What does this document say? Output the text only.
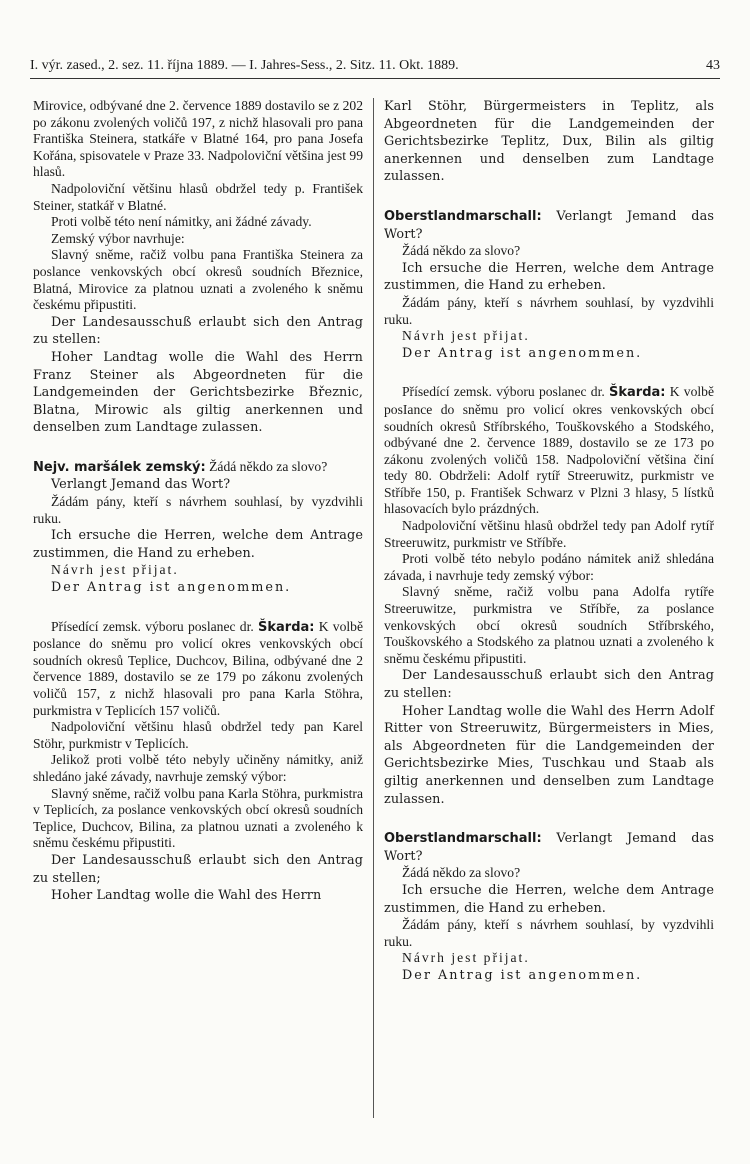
I. výr. zased., 2. sez. 11. října 1889. — I. Jahres-Sess., 2. Sitz. 11. Okt. 1889.	43

Mirovice, odbývané dne 2. července 1889 dostavilo se z 202 po zákonu zvolených voličů 197, z nichž hlasovali pro pana Františka Steinera, statkáře v Blatné 164, pro pana Josefa Kořána, spisovatele v Praze 33. Nadpoloviční většina jest 99 hlasů.

Nadpoloviční většinu hlasů obdržel tedy p. František Steiner, statkář v Blatné.

Proti volbě této není námitky, ani žádné závady.

Zemský výbor navrhuje:

Slavný sněme, račiž volbu pana Františka Steinera za poslance venkovských obcí okresů soudních Březnice, Blatná, Mirovice za platnou uznati a zvoleného k sněmu českému připustiti.

Der Landesausschuß erlaubt sich den Antrag zu stellen:

Hoher Landtag wolle die Wahl des Herrn Franz Steiner als Abgeordneten für die Landgemeinden der Gerichtsbezirke Březnic, Blatna, Mirowic als giltig anerkennen und denselben zum Landtage zulassen.

Nejv. maršálek zemský: Žádá někdo za slovo?

Verlangt Jemand das Wort?

Žádám pány, kteří s návrhem souhlasí, by vyzdvihli ruku.

Ich ersuche die Herren, welche dem Antrage zustimmen, die Hand zu erheben.

Návrh jest přijat.

Der Antrag ist angenommen.

Přísedící zemsk. výboru poslanec dr. Škarda: K volbě poslance do sněmu pro volicí okres venkovských obcí soudních okresů Teplice, Duchcov, Bilina, odbývané dne 2 července 1889, dostavilo se ze 179 po zákonu zvolených voličů 157, z nichž hlasovali pro pana Karla Stöhra, purkmistra v Teplicích 157 voličů.

Nadpoloviční většinu hlasů obdržel tedy pan Karel Stöhr, purkmistr v Teplicích.

Jelikož proti volbě této nebyly učiněny námitky, aniž shledáno jaké závady, navrhuje zemský výbor:

Slavný sněme, račiž volbu pana Karla Stöhra, purkmistra v Teplicích, za poslance venkovských obcí okresů soudních Teplice, Duchcov, Bilina, za platnou uznati a zvoleného k sněmu českému připustiti.

Der Landesausschuß erlaubt sich den Antrag zu stellen;

Hoher Landtag wolle die Wahl des Herrn

Karl Stöhr, Bürgermeisters in Teplitz, als Abgeordneten für die Landgemeinden der Gerichtsbezirke Teplitz, Dux, Bilin als giltig anerkennen und denselben zum Landtage zulassen.

Oberstlandmarschall: Verlangt Jemand das Wort?

Žádá někdo za slovo?

Ich ersuche die Herren, welche dem Antrage zustimmen, die Hand zu erheben.

Žádám pány, kteří s návrhem souhlasí, by vyzdvihli ruku.

Návrh jest přijat.

Der Antrag ist angenommen.

Přísedící zemsk. výboru poslanec dr. Škarda: K volbě posIance do sněmu pro volicí okres venkovských obcí soudních okresů Stříbrského, Touškovského a Stodského, odbývané dne 2. července 1889, dostavilo se ze 173 po zákonu zvolených voličů 158. Nadpoloviční většina činí tedy 80. Obdrželi: Adolf rytíř Streeruwitz, purkmistr ve Stříbře 150, p. František Schwarz v Plzni 3 hlasy, 5 lístků hlasovacích bylo prázdných.

Nadpoloviční většinu hlasů obdržel tedy pan Adolf rytíř Streeruwitz, purkmistr ve Stříbře.

Proti volbě této nebylo podáno námitek aniž shledána závada, i navrhuje tedy zemský výbor:

Slavný sněme, račiž volbu pana Adolfa rytíře Streeruwitze, purkmistra ve Stříbře, za poslance venkovských obcí okresů soudních Stříbrského, Touškovského a Stodského za platnou uznati a zvoleného k sněmu českému připustiti.

Der Landesausschuß erlaubt sich den Antrag zu stellen:

Hoher Landtag wolle die Wahl des Herrn Adolf Ritter von Streeruwitz, Bürgermeisters in Mies, als Abgeordneten für die Landgemeinden der Gerichtsbezirke Mies, Tuschkau und Staab als giltig anerkennen und denselben zum Landtage zulassen.

Oberstlandmarschall: Verlangt Jemand das Wort?

Žádá někdo za slovo?

Ich ersuche die Herren, welche dem Antrage zustimmen, die Hand zu erheben.

Žádám pány, kteří s návrhem souhlasí, by vyzdvihli ruku.

Návrh jest přijat.

Der Antrag ist angenommen.
